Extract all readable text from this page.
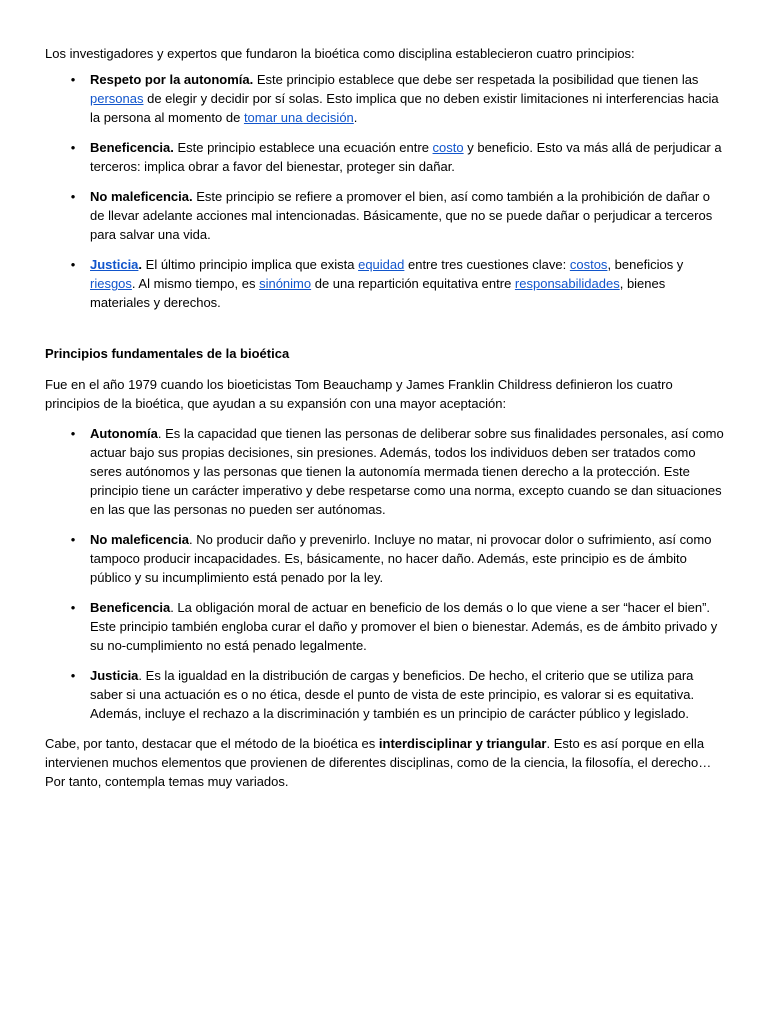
Los investigadores y expertos que fundaron la bioética como disciplina establecieron cuatro principios:

• Respeto por la autonomía. Este principio establece que debe ser respetada la posibilidad que tienen las personas de elegir y decidir por sí solas. Esto implica que no deben existir limitaciones ni interferencias hacia la persona al momento de tomar una decisión.
• Beneficencia. Este principio establece una ecuación entre costo y beneficio. Esto va más allá de perjudicar a terceros: implica obrar a favor del bienestar, proteger sin dañar.
• No maleficencia. Este principio se refiere a promover el bien, así como también a la prohibición de dañar o de llevar adelante acciones mal intencionadas. Básicamente, que no se puede dañar o perjudicar a terceros para salvar una vida.
• Justicia. El último principio implica que exista equidad entre tres cuestiones clave: costos, beneficios y riesgos. Al mismo tiempo, es sinónimo de una repartición equitativa entre responsabilidades, bienes materiales y derechos.

Principios fundamentales de la bioética

Fue en el año 1979 cuando los bioeticistas Tom Beauchamp y James Franklin Childress definieron los cuatro principios de la bioética, que ayudan a su expansión con una mayor aceptación:

• Autonomía. Es la capacidad que tienen las personas de deliberar sobre sus finalidades personales, así como actuar bajo sus propias decisiones, sin presiones. Además, todos los individuos deben ser tratados como seres autónomos y las personas que tienen la autonomía mermada tienen derecho a la protección. Este principio tiene un carácter imperativo y debe respetarse como una norma, excepto cuando se dan situaciones en las que las personas no pueden ser autónomas.
• No maleficencia. No producir daño y prevenirlo. Incluye no matar, ni provocar dolor o sufrimiento, así como tampoco producir incapacidades. Es, básicamente, no hacer daño. Además, este principio es de ámbito público y su incumplimiento está penado por la ley.
• Beneficencia. La obligación moral de actuar en beneficio de los demás o lo que viene a ser “hacer el bien”. Este principio también engloba curar el daño y promover el bien o bienestar. Además, es de ámbito privado y su no-cumplimiento no está penado legalmente.
• Justicia. Es la igualdad en la distribución de cargas y beneficios. De hecho, el criterio que se utiliza para saber si una actuación es o no ética, desde el punto de vista de este principio, es valorar si es equitativa. Además, incluye el rechazo a la discriminación y también es un principio de carácter público y legislado.

Cabe, por tanto, destacar que el método de la bioética es interdisciplinar y triangular. Esto es así porque en ella intervienen muchos elementos que provienen de diferentes disciplinas, como de la ciencia, la filosofía, el derecho… Por tanto, contempla temas muy variados.
